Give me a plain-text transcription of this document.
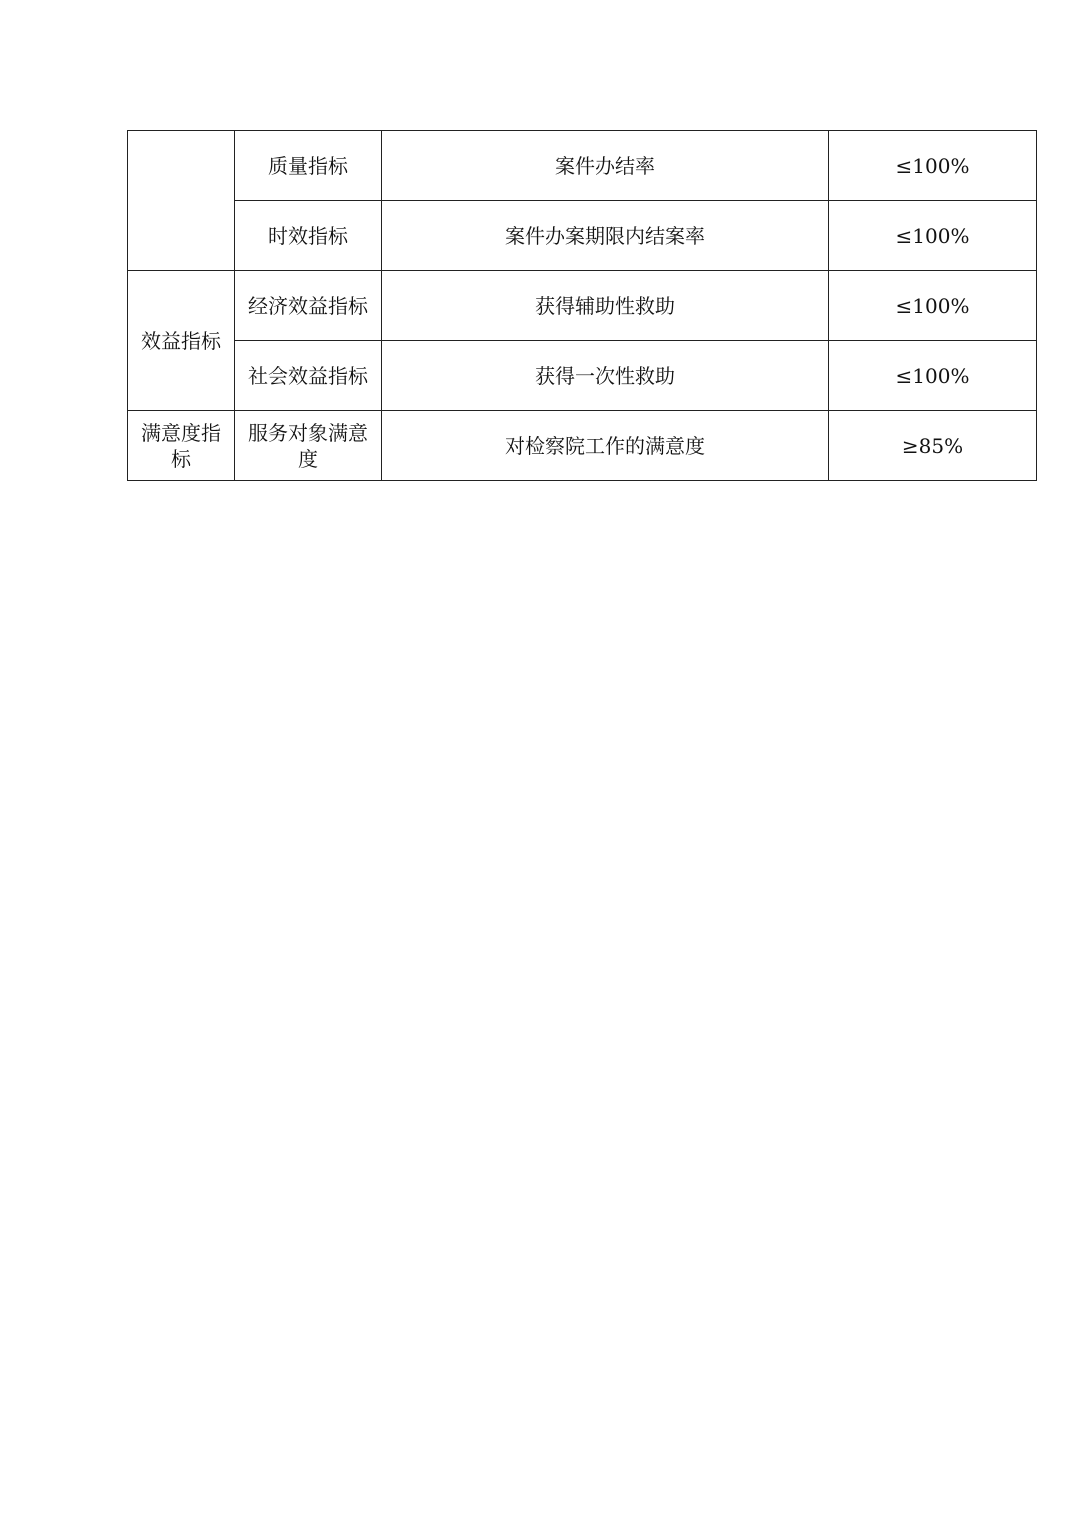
	质量指标	案件办结率	≤100%
	时效指标	案件办案期限内结案率	≤100%
效益指标	经济效益指标	获得辅助性救助	≤100%
	社会效益指标	获得一次性救助	≤100%
满意度指标	服务对象满意度	对检察院工作的满意度	≥85%
